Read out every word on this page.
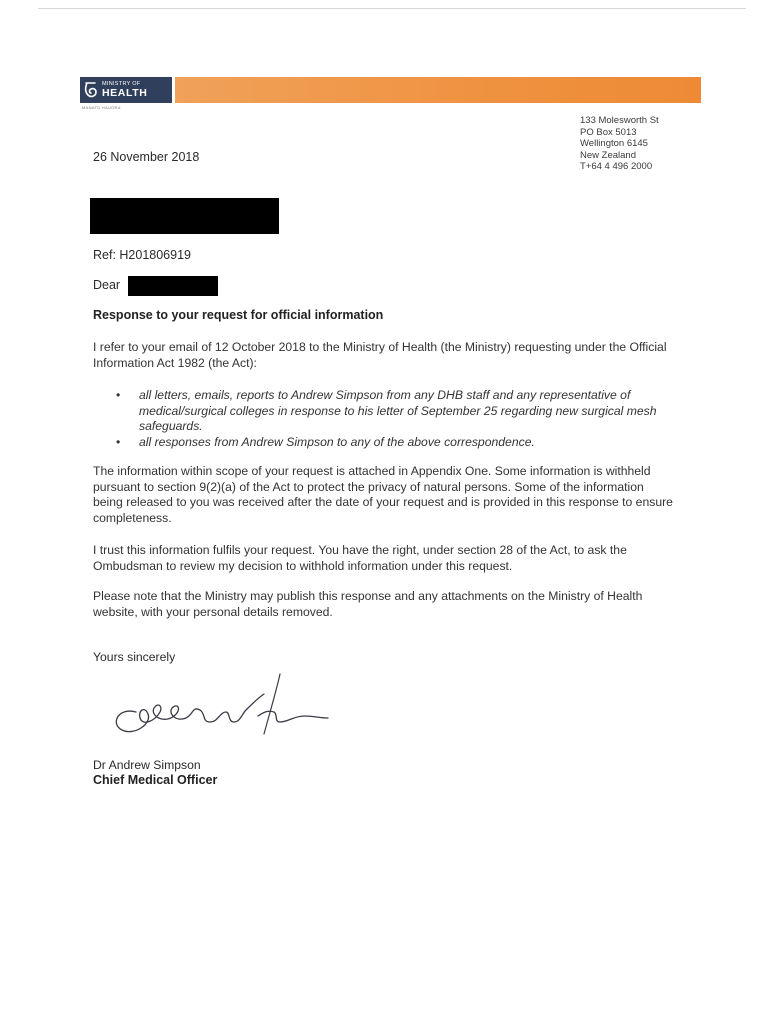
MINISTRY OF
HEALTH
MANATŪ HAUORA
133 Molesworth St
PO Box 5013
Wellington 6145
New Zealand
T+64 4 496 2000
26 November 2018
Ref: H201806919
Dear
Response to your request for official information
I refer to your email of 12 October 2018 to the Ministry of Health (the Ministry) requesting under the Official Information Act 1982 (the Act):
• all letters, emails, reports to Andrew Simpson from any DHB staff and any representative of medical/surgical colleges in response to his letter of September 25 regarding new surgical mesh safeguards.
• all responses from Andrew Simpson to any of the above correspondence.
The information within scope of your request is attached in Appendix One. Some information is withheld pursuant to section 9(2)(a) of the Act to protect the privacy of natural persons. Some of the information being released to you was received after the date of your request and is provided in this response to ensure completeness.
I trust this information fulfils your request. You have the right, under section 28 of the Act, to ask the Ombudsman to review my decision to withhold information under this request.
Please note that the Ministry may publish this response and any attachments on the Ministry of Health website, with your personal details removed.
Yours sincerely
Dr Andrew Simpson
Chief Medical Officer
